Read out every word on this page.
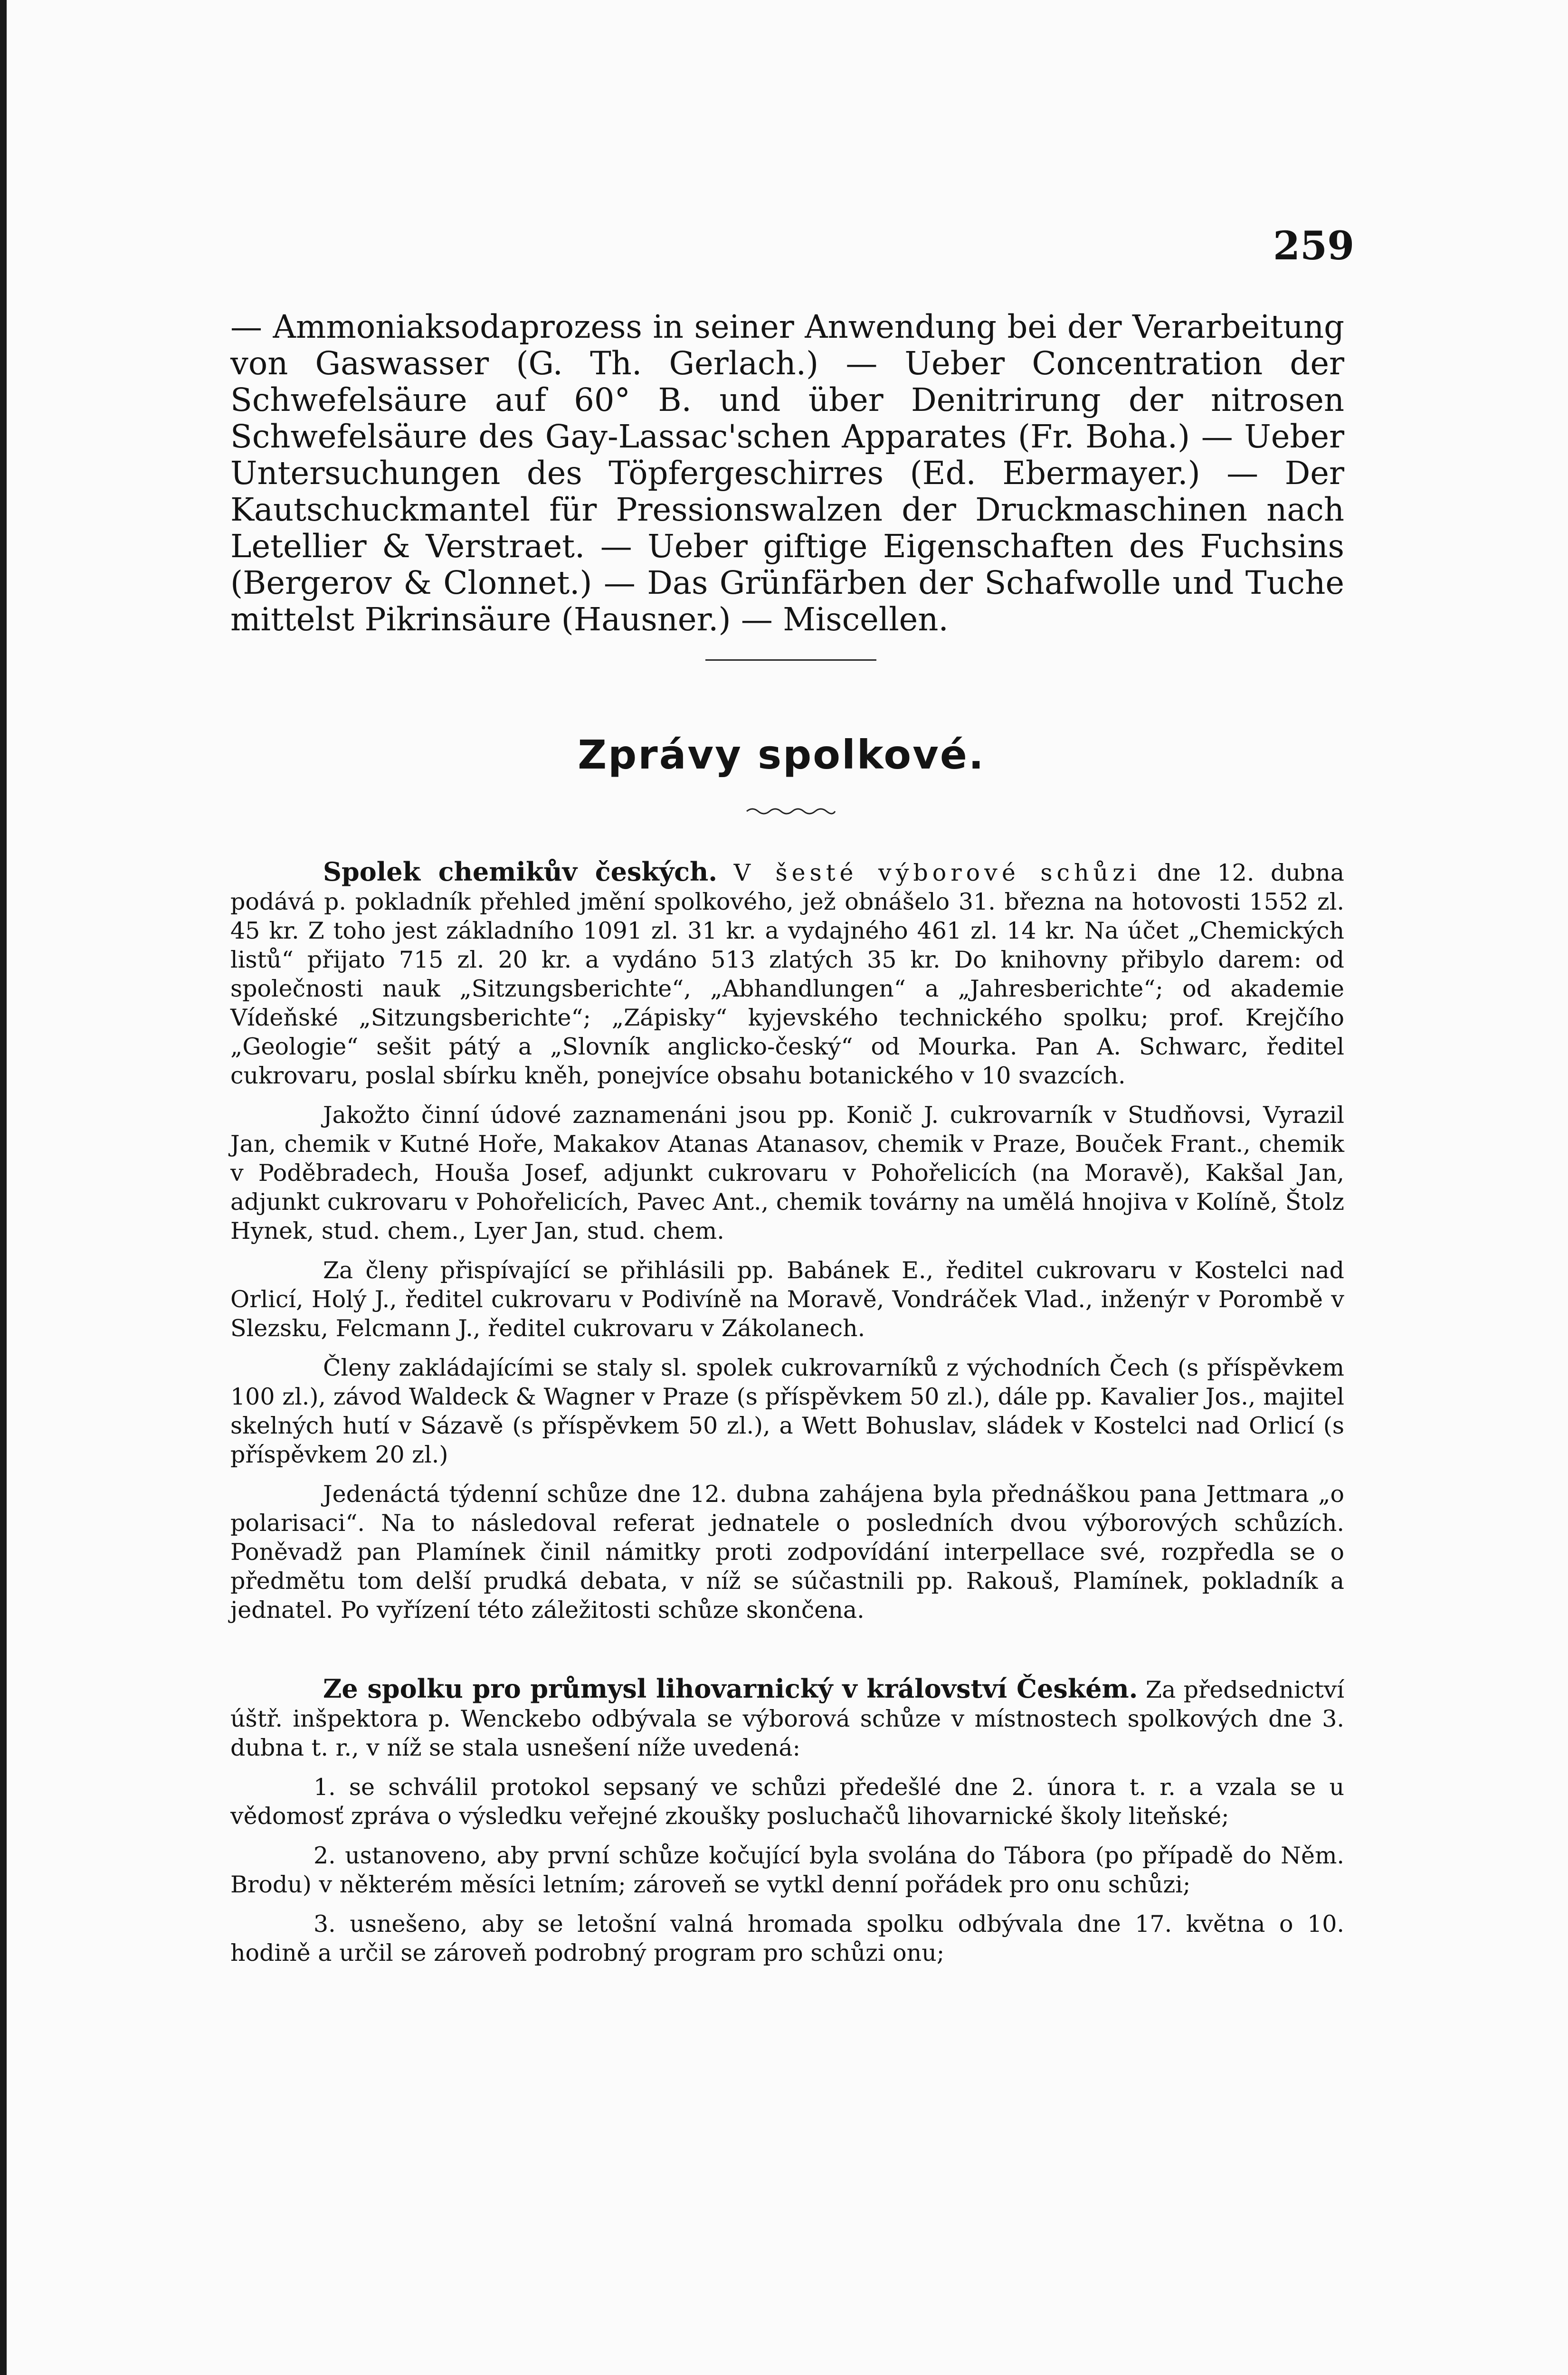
259
— Ammoniaksodaprozess in seiner Anwendung bei der Verarbeitung von Gaswasser (G. Th. Gerlach.) — Ueber Concentration der Schwefelsäure auf 60° B. und über Denitrirung der nitrosen Schwefelsäure des Gay-Lassac'schen Apparates (Fr. Boha.) — Ueber Untersuchungen des Töpfergeschirres (Ed. Ebermayer.) — Der Kautschuckmantel für Pressionswalzen der Druckmaschinen nach Letellier & Verstraet. — Ueber giftige Eigenschaften des Fuchsins (Bergerov & Clonnet.) — Das Grünfärben der Schafwolle und Tuche mittelst Pikrinsäure (Hausner.) — Miscellen.
Zprávy spolkové.

Spolek chemikův českých. V šesté výborové schůzi dne 12. dubna podává p. pokladník přehled jmění spolkového, jež obnášelo 31. března na hotovosti 1552 zl. 45 kr. Z toho jest základního 1091 zl. 31 kr. a vydajného 461 zl. 14 kr. Na účet „Chemických listů“ přijato 715 zl. 20 kr. a vydáno 513 zlatých 35 kr. Do knihovny přibylo darem: od společnosti nauk „Sitzungsberichte“, „Abhandlungen“ a „Jahresberichte“; od akademie Vídeňské „Sitzungsberichte“; „Zápisky“ kyjevského technického spolku; prof. Krejčího „Geologie“ sešit pátý a „Slovník anglicko-český“ od Mourka. Pan A. Schwarc, ředitel cukrovaru, poslal sbírku kněh, ponejvíce obsahu botanického v 10 svazcích.

Jakožto činní údové zaznamenáni jsou pp. Konič J. cukrovarník v Studňovsi, Vyrazil Jan, chemik v Kutné Hoře, Makakov Atanas Atanasov, chemik v Praze, Bouček Frant., chemik v Poděbradech, Houša Josef, adjunkt cukrovaru v Pohořelicích (na Moravě), Kakšal Jan, adjunkt cukrovaru v Pohořelicích, Pavec Ant., chemik továrny na umělá hnojiva v Kolíně, Štolz Hynek, stud. chem., Lyer Jan, stud. chem.

Za členy přispívající se přihlásili pp. Babánek E., ředitel cukrovaru v Kostelci nad Orlicí, Holý J., ředitel cukrovaru v Podivíně na Moravě, Vondráček Vlad., inženýr v Porombě v Slezsku, Felcmann J., ředitel cukrovaru v Zákolanech.

Členy zakládajícími se staly sl. spolek cukrovarníků z východních Čech (s příspěvkem 100 zl.), závod Waldeck & Wagner v Praze (s příspěvkem 50 zl.), dále pp. Kavalier Jos., majitel skelných hutí v Sázavě (s příspěvkem 50 zl.), a Wett Bohuslav, sládek v Kostelci nad Orlicí (s příspěvkem 20 zl.)

Jedenáctá týdenní schůze dne 12. dubna zahájena byla přednáškou pana Jettmara „o polarisaci“. Na to následoval referat jednatele o posledních dvou výborových schůzích. Poněvadž pan Plamínek činil námitky proti zodpovídání interpellace své, rozpředla se o předmětu tom delší prudká debata, v níž se súčastnili pp. Rakouš, Plamínek, pokladník a jednatel. Po vyřízení této záležitosti schůze skončena.

Ze spolku pro průmysl lihovarnický v království Českém. Za předsednictví úštř. inšpektora p. Wenckebo odbývala se výborová schůze v místnostech spolkových dne 3. dubna t. r., v níž se stala usnešení níže uvedená:

1. se schválil protokol sepsaný ve schůzi předešlé dne 2. února t. r. a vzala se u vědomosť zpráva o výsledku veřejné zkoušky posluchačů lihovarnické školy liteňské;

2. ustanoveno, aby první schůze kočující byla svolána do Tábora (po případě do Něm. Brodu) v některém měsíci letním; zároveň se vytkl denní pořádek pro onu schůzi;

3. usnešeno, aby se letošní valná hromada spolku odbývala dne 17. května o 10. hodině a určil se zároveň podrobný program pro schůzi onu;
